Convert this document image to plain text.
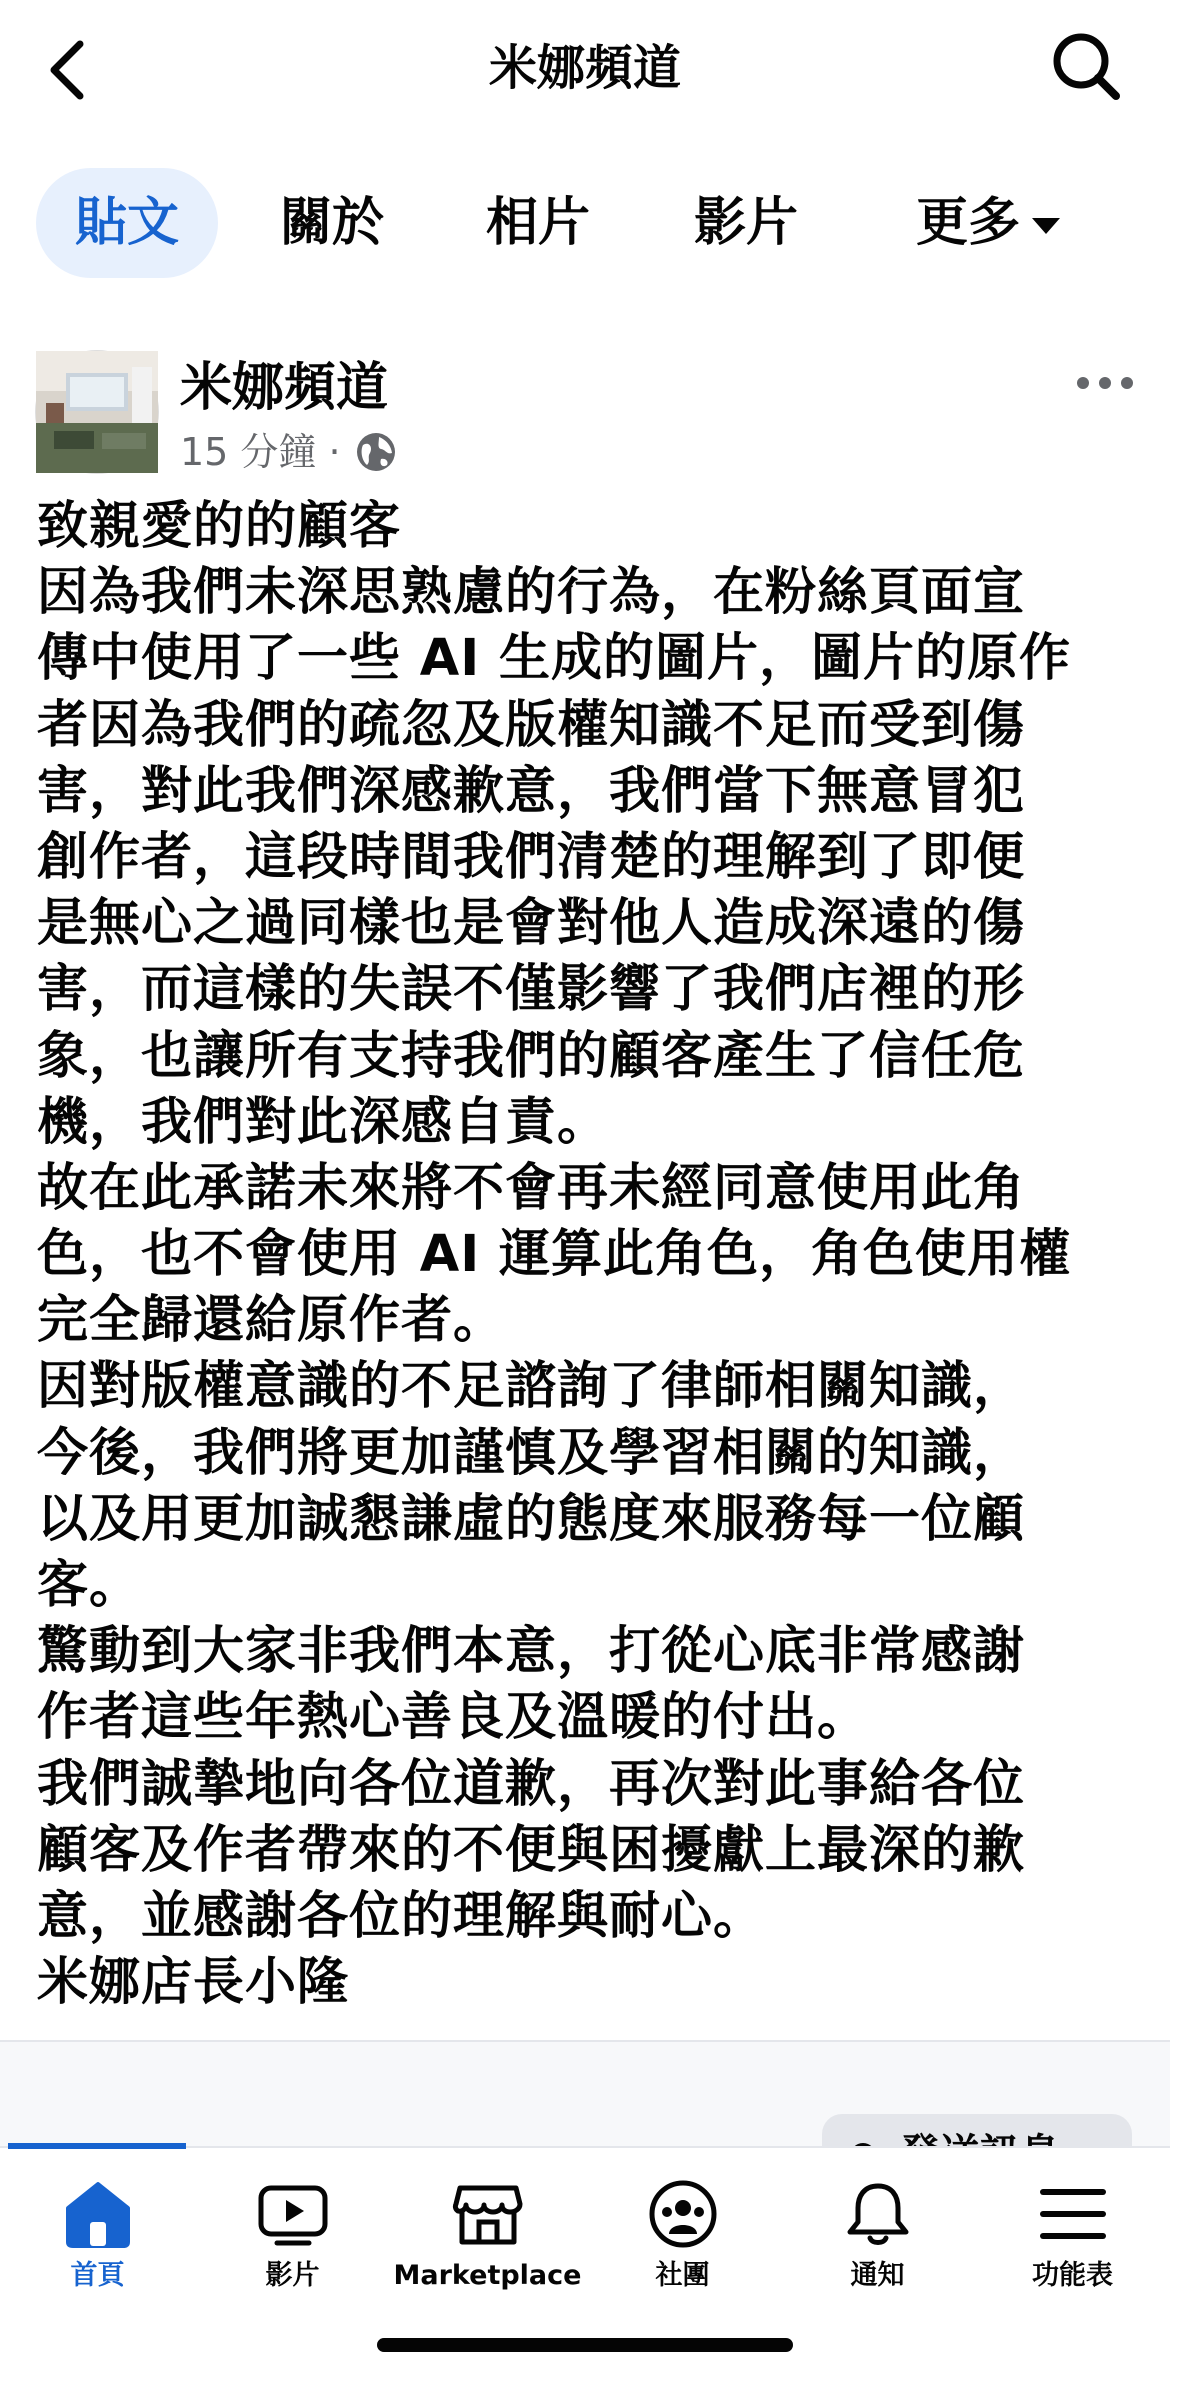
米娜頻道
貼文	關於	相片	影片	更多
米娜頻道
15 分鐘 ·
致親愛的的顧客
因為我們未深思熟慮的行為，在粉絲頁面宣
傳中使用了一些 AI 生成的圖片，圖片的原作
者因為我們的疏忽及版權知識不足而受到傷
害，對此我們深感歉意，我們當下無意冒犯
創作者，這段時間我們清楚的理解到了即便
是無心之過同樣也是會對他人造成深遠的傷
害，而這樣的失誤不僅影響了我們店裡的形
象，也讓所有支持我們的顧客產生了信任危
機，我們對此深感自責。
故在此承諾未來將不會再未經同意使用此角
色，也不會使用 AI 運算此角色，角色使用權
完全歸還給原作者。
因對版權意識的不足諮詢了律師相關知識，
今後，我們將更加謹慎及學習相關的知識，
以及用更加誠懇謙虛的態度來服務每一位顧
客。
驚動到大家非我們本意，打從心底非常感謝
作者這些年熱心善良及溫暖的付出。
我們誠摯地向各位道歉，再次對此事給各位
顧客及作者帶來的不便與困擾獻上最深的歉
意，並感謝各位的理解與耐心。
米娜店長小隆
首頁	影片	Marketplace	社團	通知	功能表
